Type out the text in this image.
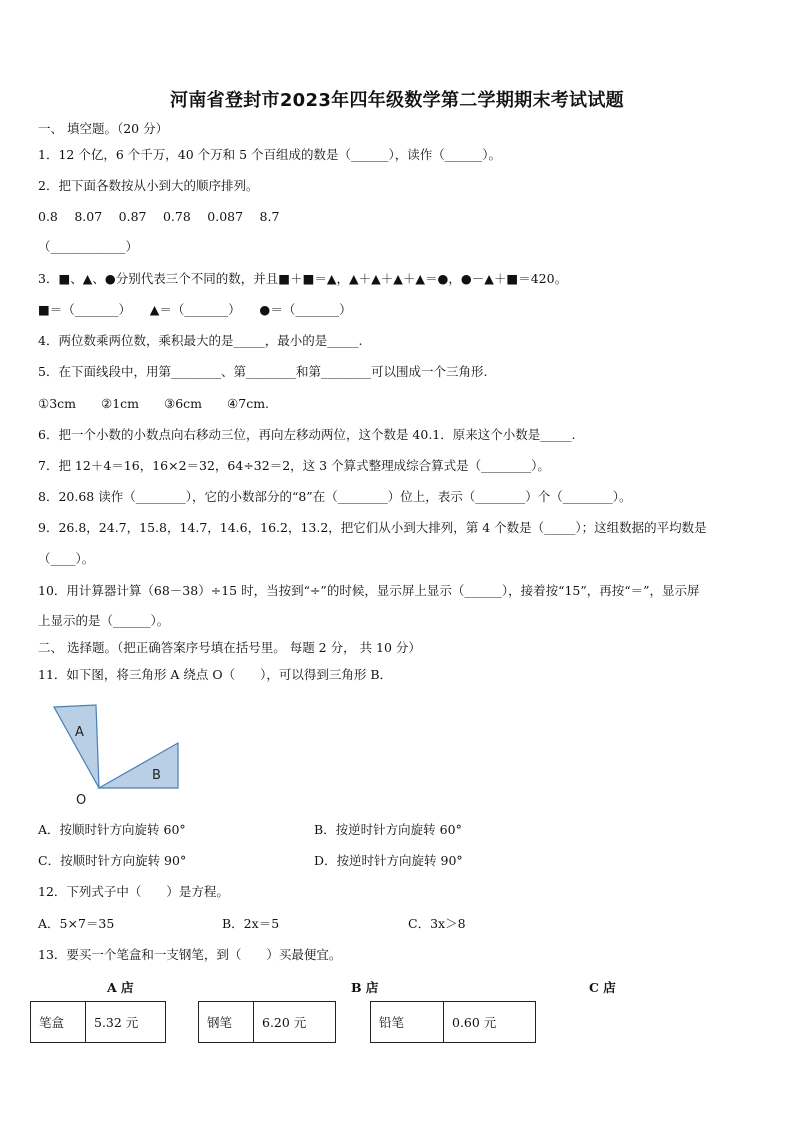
河南省登封市2023年四年级数学第二学期期末考试试题
一、 填空题。（20 分）
1．12 个亿，6 个千万，40 个万和 5 个百组成的数是（______），读作（______）。
2．把下面各数按从小到大的顺序排列。
0.8　 8.07　 0.87　 0.78　 0.087　 8.7
（____________）
3．■、▲、●分别代表三个不同的数，并且■＋■＝▲，▲＋▲＋▲＋▲＝●，●－▲＋■＝420。
■＝（_______）　　▲＝（_______）　　●＝（_______）
4．两位数乘两位数，乘积最大的是_____，最小的是_____.
5．在下面线段中，用第________、第________和第________可以围成一个三角形.
①3cm　　②1cm　　③6cm　　④7cm.
6．把一个小数的小数点向右移动三位，再向左移动两位，这个数是 40.1．原来这个小数是_____.
7．把 12＋4＝16，16×2＝32，64÷32＝2，这 3 个算式整理成综合算式是（________）。
8．20.68 读作（________），它的小数部分的“8”在（________）位上，表示（________）个（________）。
9．26.8，24.7，15.8，14.7，14.6，16.2，13.2，把它们从小到大排列，第 4 个数是（_____）；这组数据的平均数是
（____）。
10．用计算器计算（68－38）÷15 时，当按到“÷”的时候，显示屏上显示（______），接着按“15”，再按“＝”，显示屏
上显示的是（______）。
二、 选择题。（把正确答案序号填在括号里。 每题 2 分， 共 10 分）
11．如下图，将三角形 A 绕点 O（　　），可以得到三角形 B．
A
B
O
A．按顺时针方向旋转 60°	B．按逆时针方向旋转 60°
C．按顺时针方向旋转 90°	D．按逆时针方向旋转 90°
12．下列式子中（　　）是方程。
A．5×7＝35	B．2x＝5	C．3x＞8
13．要买一个笔盒和一支钢笔，到（　　）买最便宜。
A 店	B 店	C 店
笔盒	5.32 元	钢笔	6.20 元	铅笔	0.60 元
